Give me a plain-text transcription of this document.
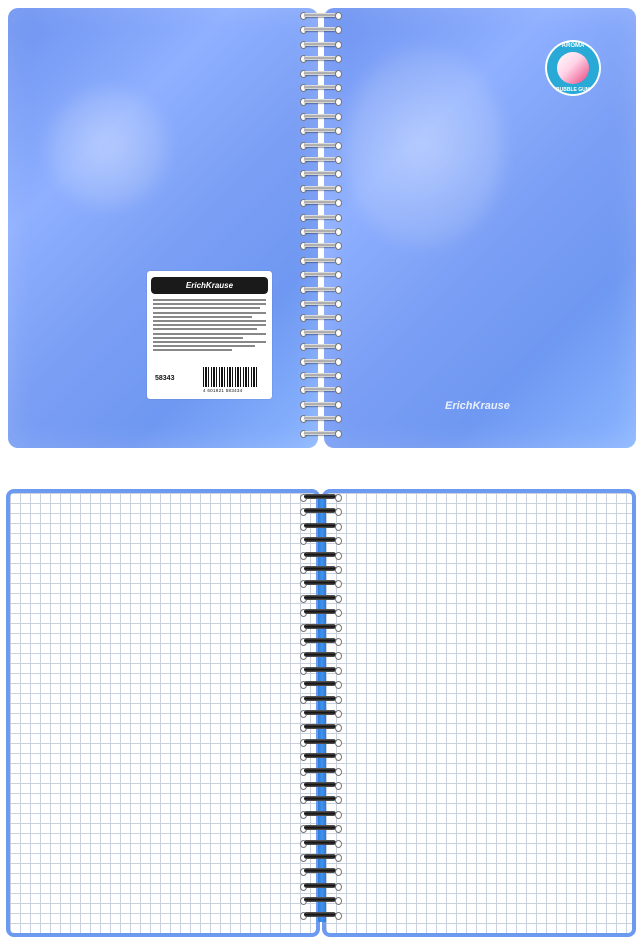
ErichKrause
58343
4 601921 583434
AROMA
BUBBLE GUM
ErichKrause
